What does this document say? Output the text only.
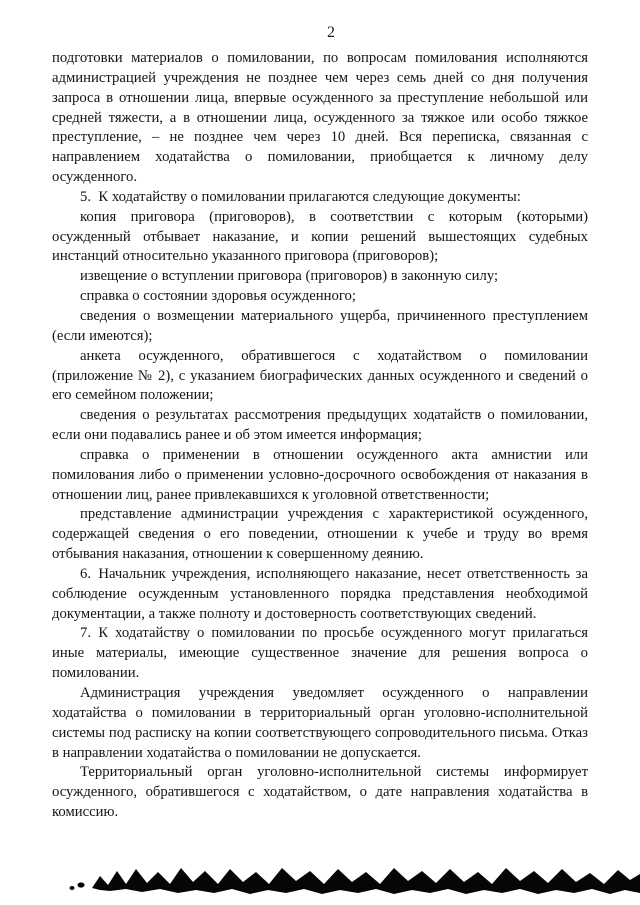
2

подготовки материалов о помиловании, по вопросам помилования исполняются администрацией учреждения не позднее чем через семь дней со дня получения запроса в отношении лица, впервые осужденного за преступление небольшой или средней тяжести, а в отношении лица, осужденного за тяжкое или особо тяжкое преступление, – не позднее чем через 10 дней. Вся переписка, связанная с направлением ходатайства о помиловании, приобщается к личному делу осужденного.

5. К ходатайству о помиловании прилагаются следующие документы:

копия приговора (приговоров), в соответствии с которым (которыми) осужденный отбывает наказание, и копии решений вышестоящих судебных инстанций относительно указанного приговора (приговоров);

извещение о вступлении приговора (приговоров) в законную силу;

справка о состоянии здоровья осужденного;

сведения о возмещении материального ущерба, причиненного преступлением (если имеются);

анкета осужденного, обратившегося с ходатайством о помиловании (приложение № 2), с указанием биографических данных осужденного и сведений о его семейном положении;

сведения о результатах рассмотрения предыдущих ходатайств о помиловании, если они подавались ранее и об этом имеется информация;

справка о применении в отношении осужденного акта амнистии или помилования либо о применении условно-досрочного освобождения от наказания в отношении лиц, ранее привлекавшихся к уголовной ответственности;

представление администрации учреждения с характеристикой осужденного, содержащей сведения о его поведении, отношении к учебе и труду во время отбывания наказания, отношении к совершенному деянию.

6. Начальник учреждения, исполняющего наказание, несет ответственность за соблюдение осужденным установленного порядка представления необходимой документации, а также полноту и достоверность соответствующих сведений.

7. К ходатайству о помиловании по просьбе осужденного могут прилагаться иные материалы, имеющие существенное значение для решения вопроса о помиловании.

Администрация учреждения уведомляет осужденного о направлении ходатайства о помиловании в территориальный орган уголовно-исполнительной системы под расписку на копии соответствующего сопроводительного письма. Отказ в направлении ходатайства о помиловании не допускается.

Территориальный орган уголовно-исполнительной системы информирует осужденного, обратившегося с ходатайством, о дате направления ходатайства в комиссию.
